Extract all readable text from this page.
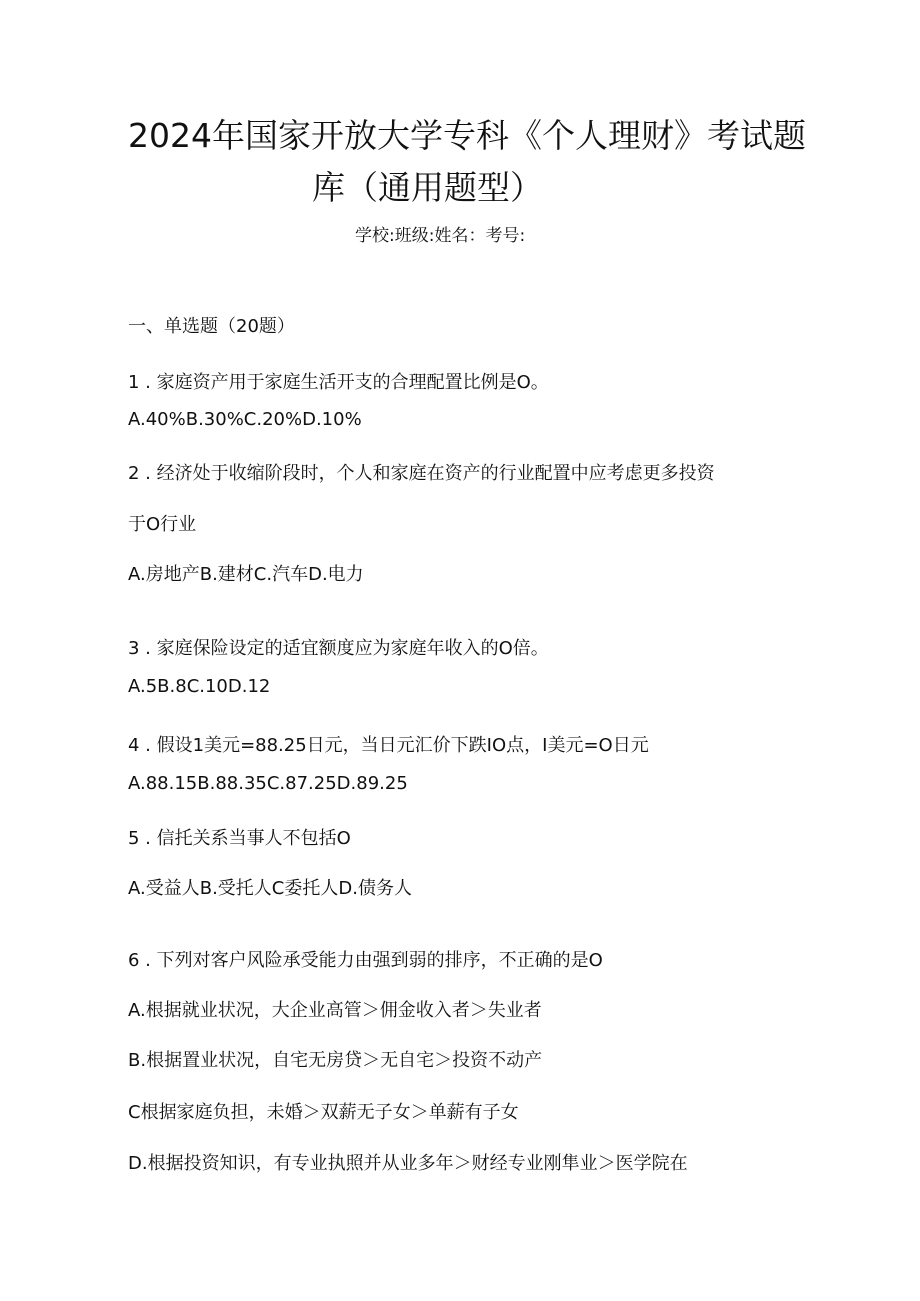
2024年国家开放大学专科《个人理财》考试题
库（通用题型）
学校:班级:姓名：考号:
一、单选题（20题）
1 . 家庭资产用于家庭生活开支的合理配置比例是O。
A.40%B.30%C.20%D.10%
2 . 经济处于收缩阶段时，个人和家庭在资产的行业配置中应考虑更多投资
于O行业
A.房地产B.建材C.汽车D.电力
3 . 家庭保险设定的适宜额度应为家庭年收入的O倍。
A.5B.8C.10D.12
4 . 假设1美元=88.25日元，当日元汇价下跌IO点，I美元=O日元
A.88.15B.88.35C.87.25D.89.25
5 . 信托关系当事人不包括O
A.受益人B.受托人C委托人D.债务人
6 . 下列对客户风险承受能力由强到弱的排序，不正确的是O
A.根据就业状况，大企业高管＞佣金收入者＞失业者
B.根据置业状况，自宅无房贷＞无自宅＞投资不动产
C根据家庭负担，未婚＞双薪无子女＞单薪有子女
D.根据投资知识，有专业执照并从业多年＞财经专业刚隼业＞医学院在
